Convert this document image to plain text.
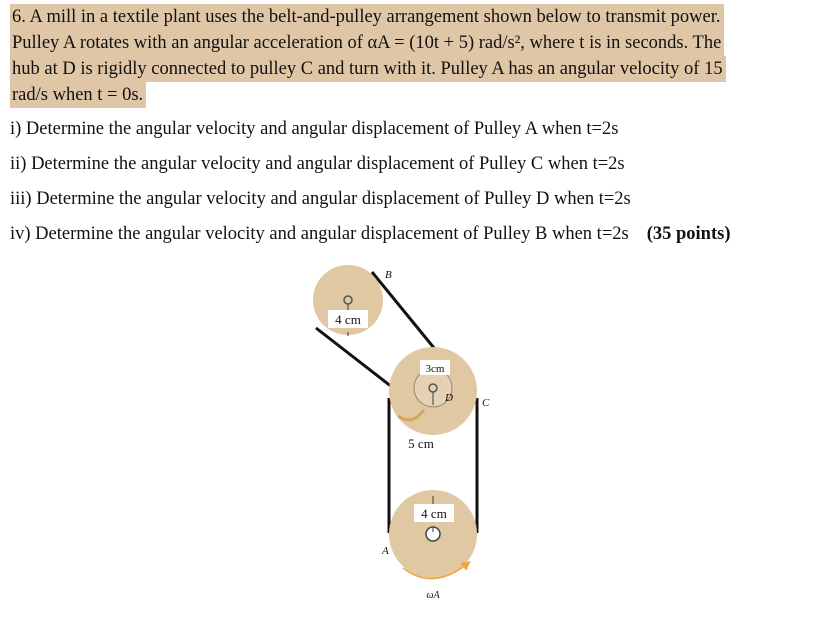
6. A mill in a textile plant uses the belt-and-pulley arrangement shown below to transmit power.
Pulley A rotates with an angular acceleration of αA = (10t + 5) rad/s², where t is in seconds. The
hub at D is rigidly connected to pulley C and turn with it. Pulley A has an angular velocity of 15
rad/s when t = 0s.
i) Determine the angular velocity and angular displacement of Pulley A when t=2s
ii) Determine the angular velocity and angular displacement of Pulley C when t=2s
iii) Determine the angular velocity and angular displacement of Pulley D when t=2s
iv) Determine the angular velocity and angular displacement of Pulley B when t=2s (35 points)
B
C
D
A
4 cm
3cm
5 cm
4 cm
ωA
